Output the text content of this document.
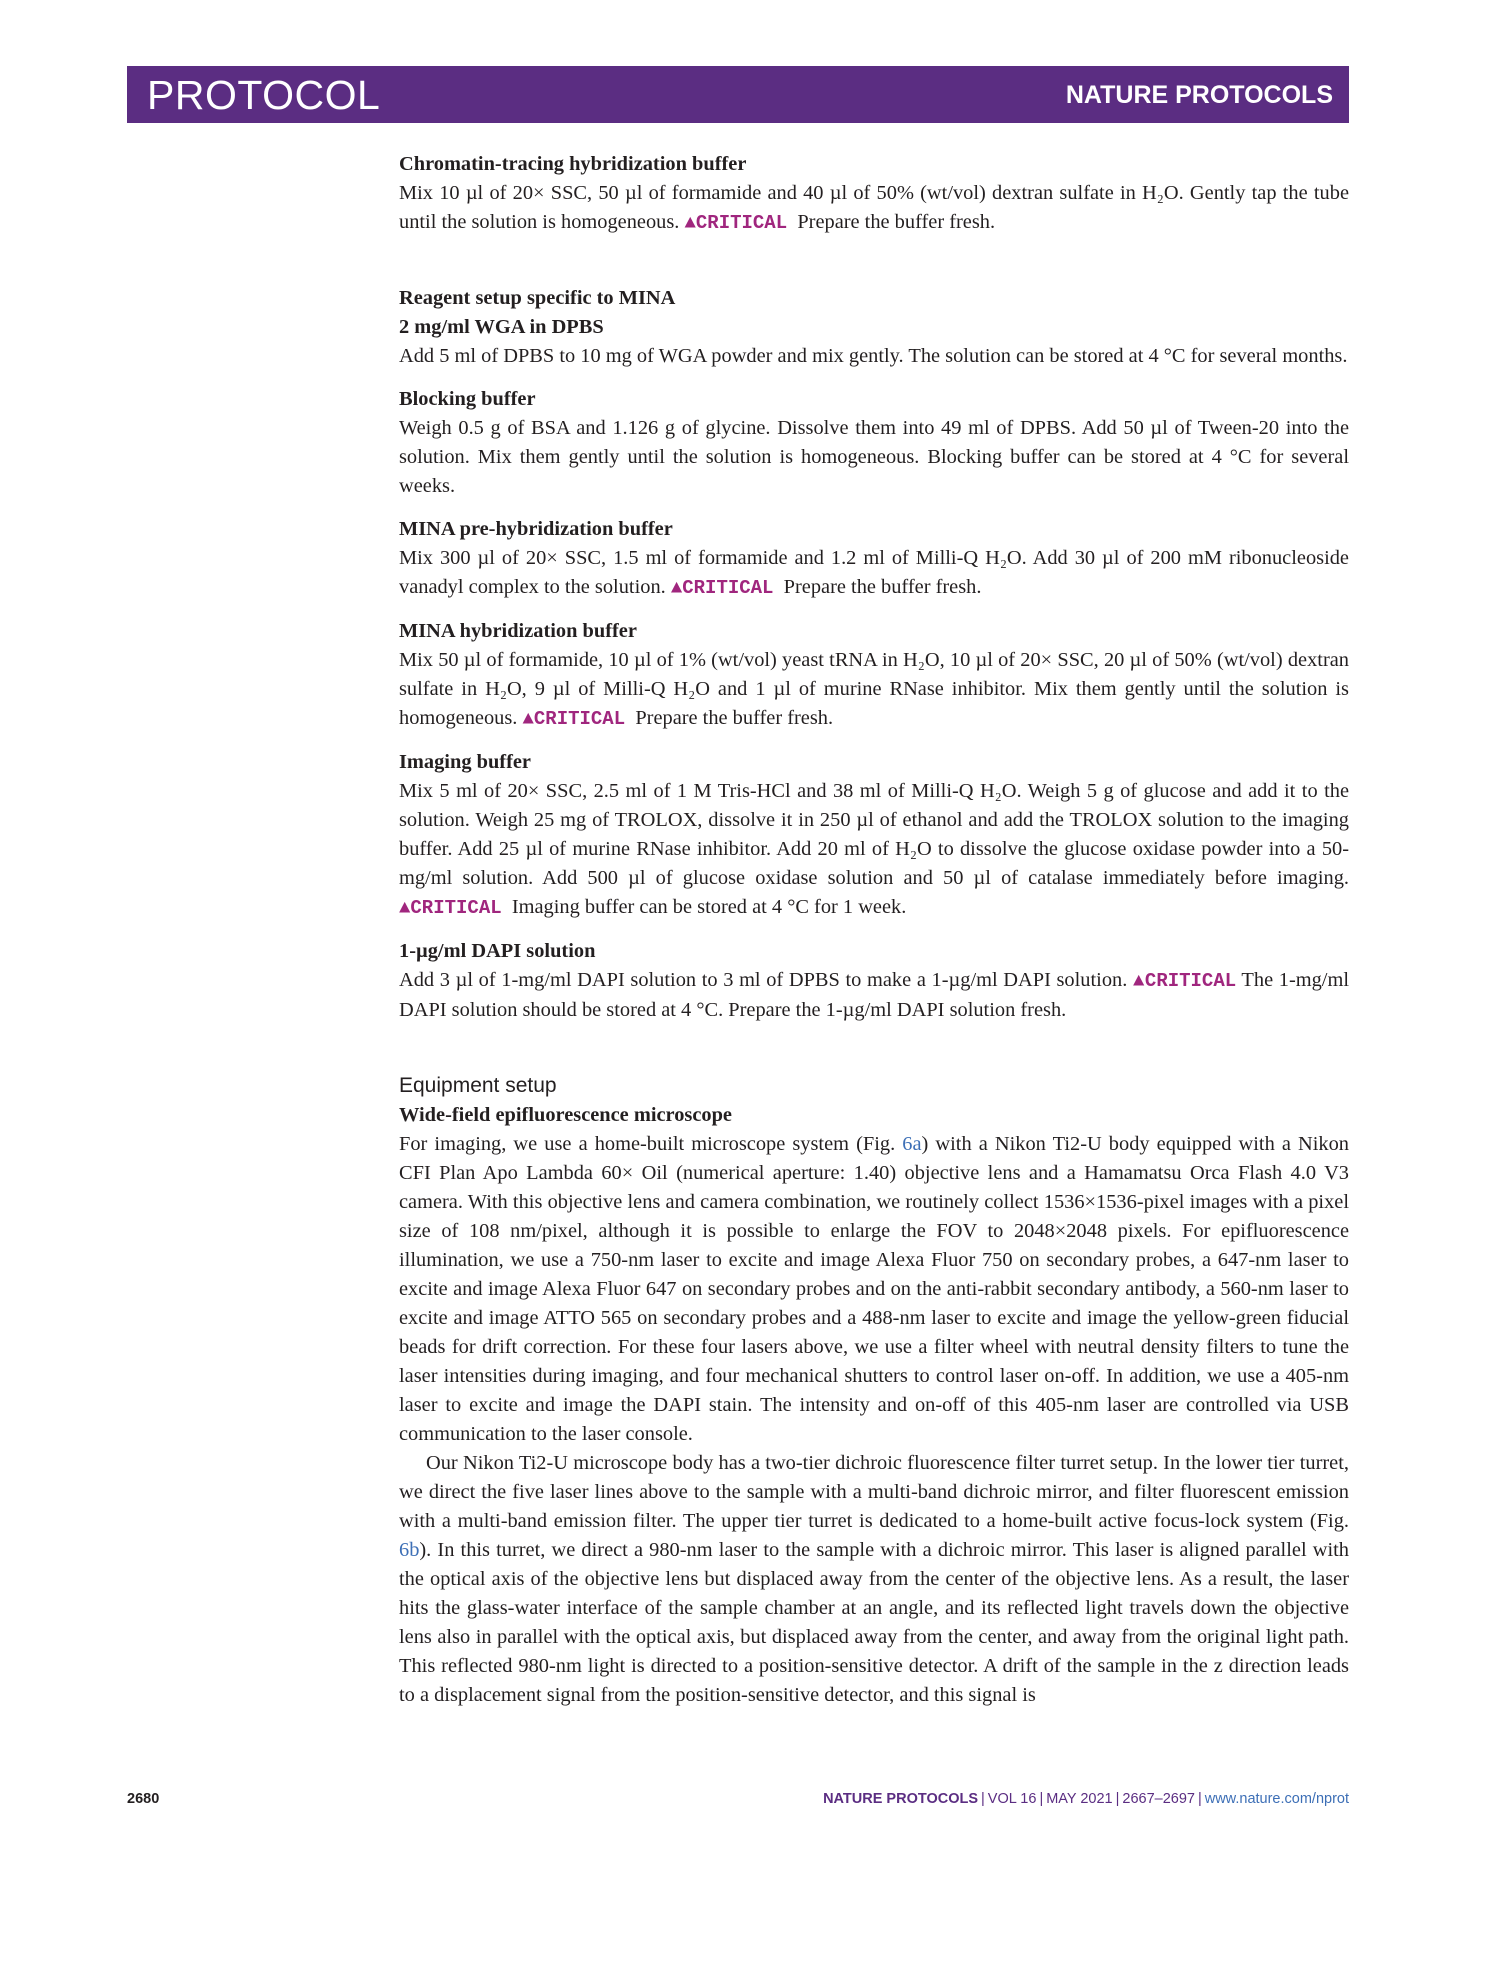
PROTOCOL	NATURE PROTOCOLS
Chromatin-tracing hybridization buffer

Mix 10 µl of 20× SSC, 50 µl of formamide and 40 µl of 50% (wt/vol) dextran sulfate in H₂O. Gently tap the tube until the solution is homogeneous. ▲CRITICAL Prepare the buffer fresh.

Reagent setup specific to MINA
2 mg/ml WGA in DPBS

Add 5 ml of DPBS to 10 mg of WGA powder and mix gently. The solution can be stored at 4 °C for several months.

Blocking buffer

Weigh 0.5 g of BSA and 1.126 g of glycine. Dissolve them into 49 ml of DPBS. Add 50 µl of Tween-20 into the solution. Mix them gently until the solution is homogeneous. Blocking buffer can be stored at 4 °C for several weeks.

MINA pre-hybridization buffer

Mix 300 µl of 20× SSC, 1.5 ml of formamide and 1.2 ml of Milli-Q H₂O. Add 30 µl of 200 mM ribonucleoside vanadyl complex to the solution. ▲CRITICAL Prepare the buffer fresh.

MINA hybridization buffer

Mix 50 µl of formamide, 10 µl of 1% (wt/vol) yeast tRNA in H₂O, 10 µl of 20× SSC, 20 µl of 50% (wt/vol) dextran sulfate in H₂O, 9 µl of Milli-Q H₂O and 1 µl of murine RNase inhibitor. Mix them gently until the solution is homogeneous. ▲CRITICAL Prepare the buffer fresh.

Imaging buffer

Mix 5 ml of 20× SSC, 2.5 ml of 1 M Tris-HCl and 38 ml of Milli-Q H₂O. Weigh 5 g of glucose and add it to the solution. Weigh 25 mg of TROLOX, dissolve it in 250 µl of ethanol and add the TROLOX solution to the imaging buffer. Add 25 µl of murine RNase inhibitor. Add 20 ml of H₂O to dissolve the glucose oxidase powder into a 50-mg/ml solution. Add 500 µl of glucose oxidase solution and 50 µl of catalase immediately before imaging. ▲CRITICAL Imaging buffer can be stored at 4 °C for 1 week.

1-µg/ml DAPI solution

Add 3 µl of 1-mg/ml DAPI solution to 3 ml of DPBS to make a 1-µg/ml DAPI solution. ▲CRITICAL The 1-mg/ml DAPI solution should be stored at 4 °C. Prepare the 1-µg/ml DAPI solution fresh.

Equipment setup
Wide-field epifluorescence microscope

For imaging, we use a home-built microscope system (Fig. 6a) with a Nikon Ti2-U body equipped with a Nikon CFI Plan Apo Lambda 60× Oil (numerical aperture: 1.40) objective lens and a Hamamatsu Orca Flash 4.0 V3 camera. With this objective lens and camera combination, we routinely collect 1536×1536-pixel images with a pixel size of 108 nm/pixel, although it is possible to enlarge the FOV to 2048×2048 pixels. For epifluorescence illumination, we use a 750-nm laser to excite and image Alexa Fluor 750 on secondary probes, a 647-nm laser to excite and image Alexa Fluor 647 on secondary probes and on the anti-rabbit secondary antibody, a 560-nm laser to excite and image ATTO 565 on secondary probes and a 488-nm laser to excite and image the yellow-green fiducial beads for drift correction. For these four lasers above, we use a filter wheel with neutral density filters to tune the laser intensities during imaging, and four mechanical shutters to control laser on-off. In addition, we use a 405-nm laser to excite and image the DAPI stain. The intensity and on-off of this 405-nm laser are controlled via USB communication to the laser console.

Our Nikon Ti2-U microscope body has a two-tier dichroic fluorescence filter turret setup. In the lower tier turret, we direct the five laser lines above to the sample with a multi-band dichroic mirror, and filter fluorescent emission with a multi-band emission filter. The upper tier turret is dedicated to a home-built active focus-lock system (Fig. 6b). In this turret, we direct a 980-nm laser to the sample with a dichroic mirror. This laser is aligned parallel with the optical axis of the objective lens but displaced away from the center of the objective lens. As a result, the laser hits the glass-water interface of the sample chamber at an angle, and its reflected light travels down the objective lens also in parallel with the optical axis, but displaced away from the center, and away from the original light path. This reflected 980-nm light is directed to a position-sensitive detector. A drift of the sample in the z direction leads to a displacement signal from the position-sensitive detector, and this signal is

2680	NATURE PROTOCOLS | VOL 16 | MAY 2021 | 2667–2697 | www.nature.com/nprot
